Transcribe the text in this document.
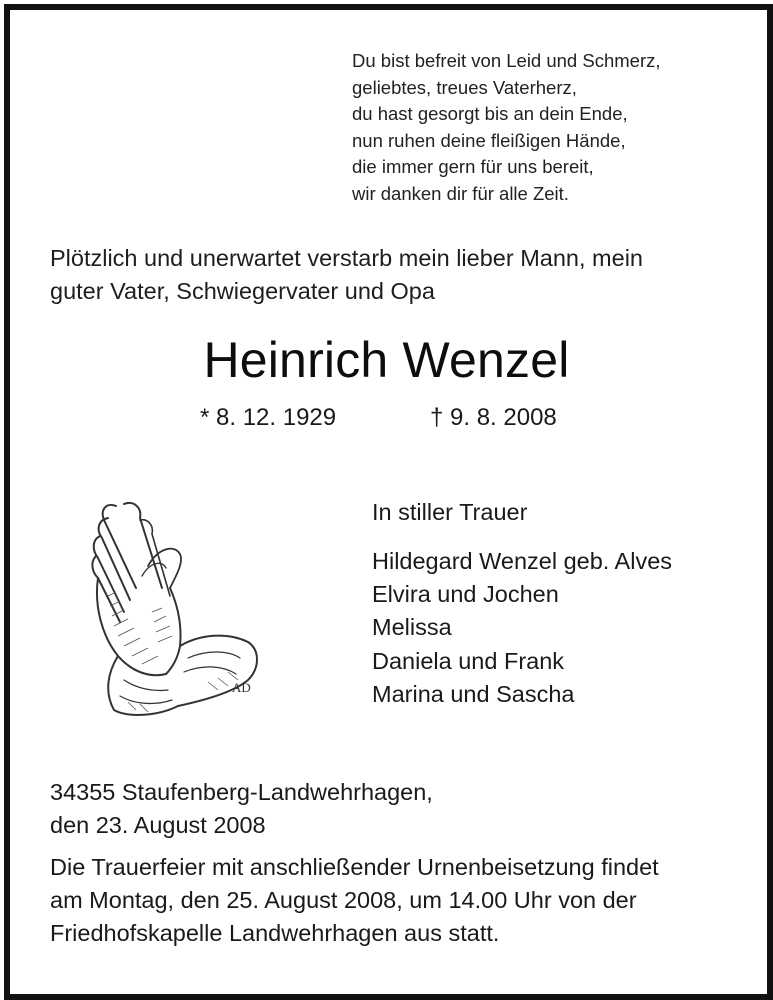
Du bist befreit von Leid und Schmerz,
geliebtes, treues Vaterherz,
du hast gesorgt bis an dein Ende,
nun ruhen deine fleißigen Hände,
die immer gern für uns bereit,
wir danken dir für alle Zeit.
Plötzlich und unerwartet verstarb mein lieber Mann, mein
guter Vater, Schwiegervater und Opa
Heinrich Wenzel
* 8. 12. 1929	† 9. 8. 2008
AD
In stiller Trauer
Hildegard Wenzel geb. Alves
Elvira und Jochen
Melissa
Daniela und Frank
Marina und Sascha
34355 Staufenberg-Landwehrhagen,
den 23. August 2008
Die Trauerfeier mit anschließender Urnenbeisetzung findet
am Montag, den 25. August 2008, um 14.00 Uhr von der
Friedhofskapelle Landwehrhagen aus statt.
